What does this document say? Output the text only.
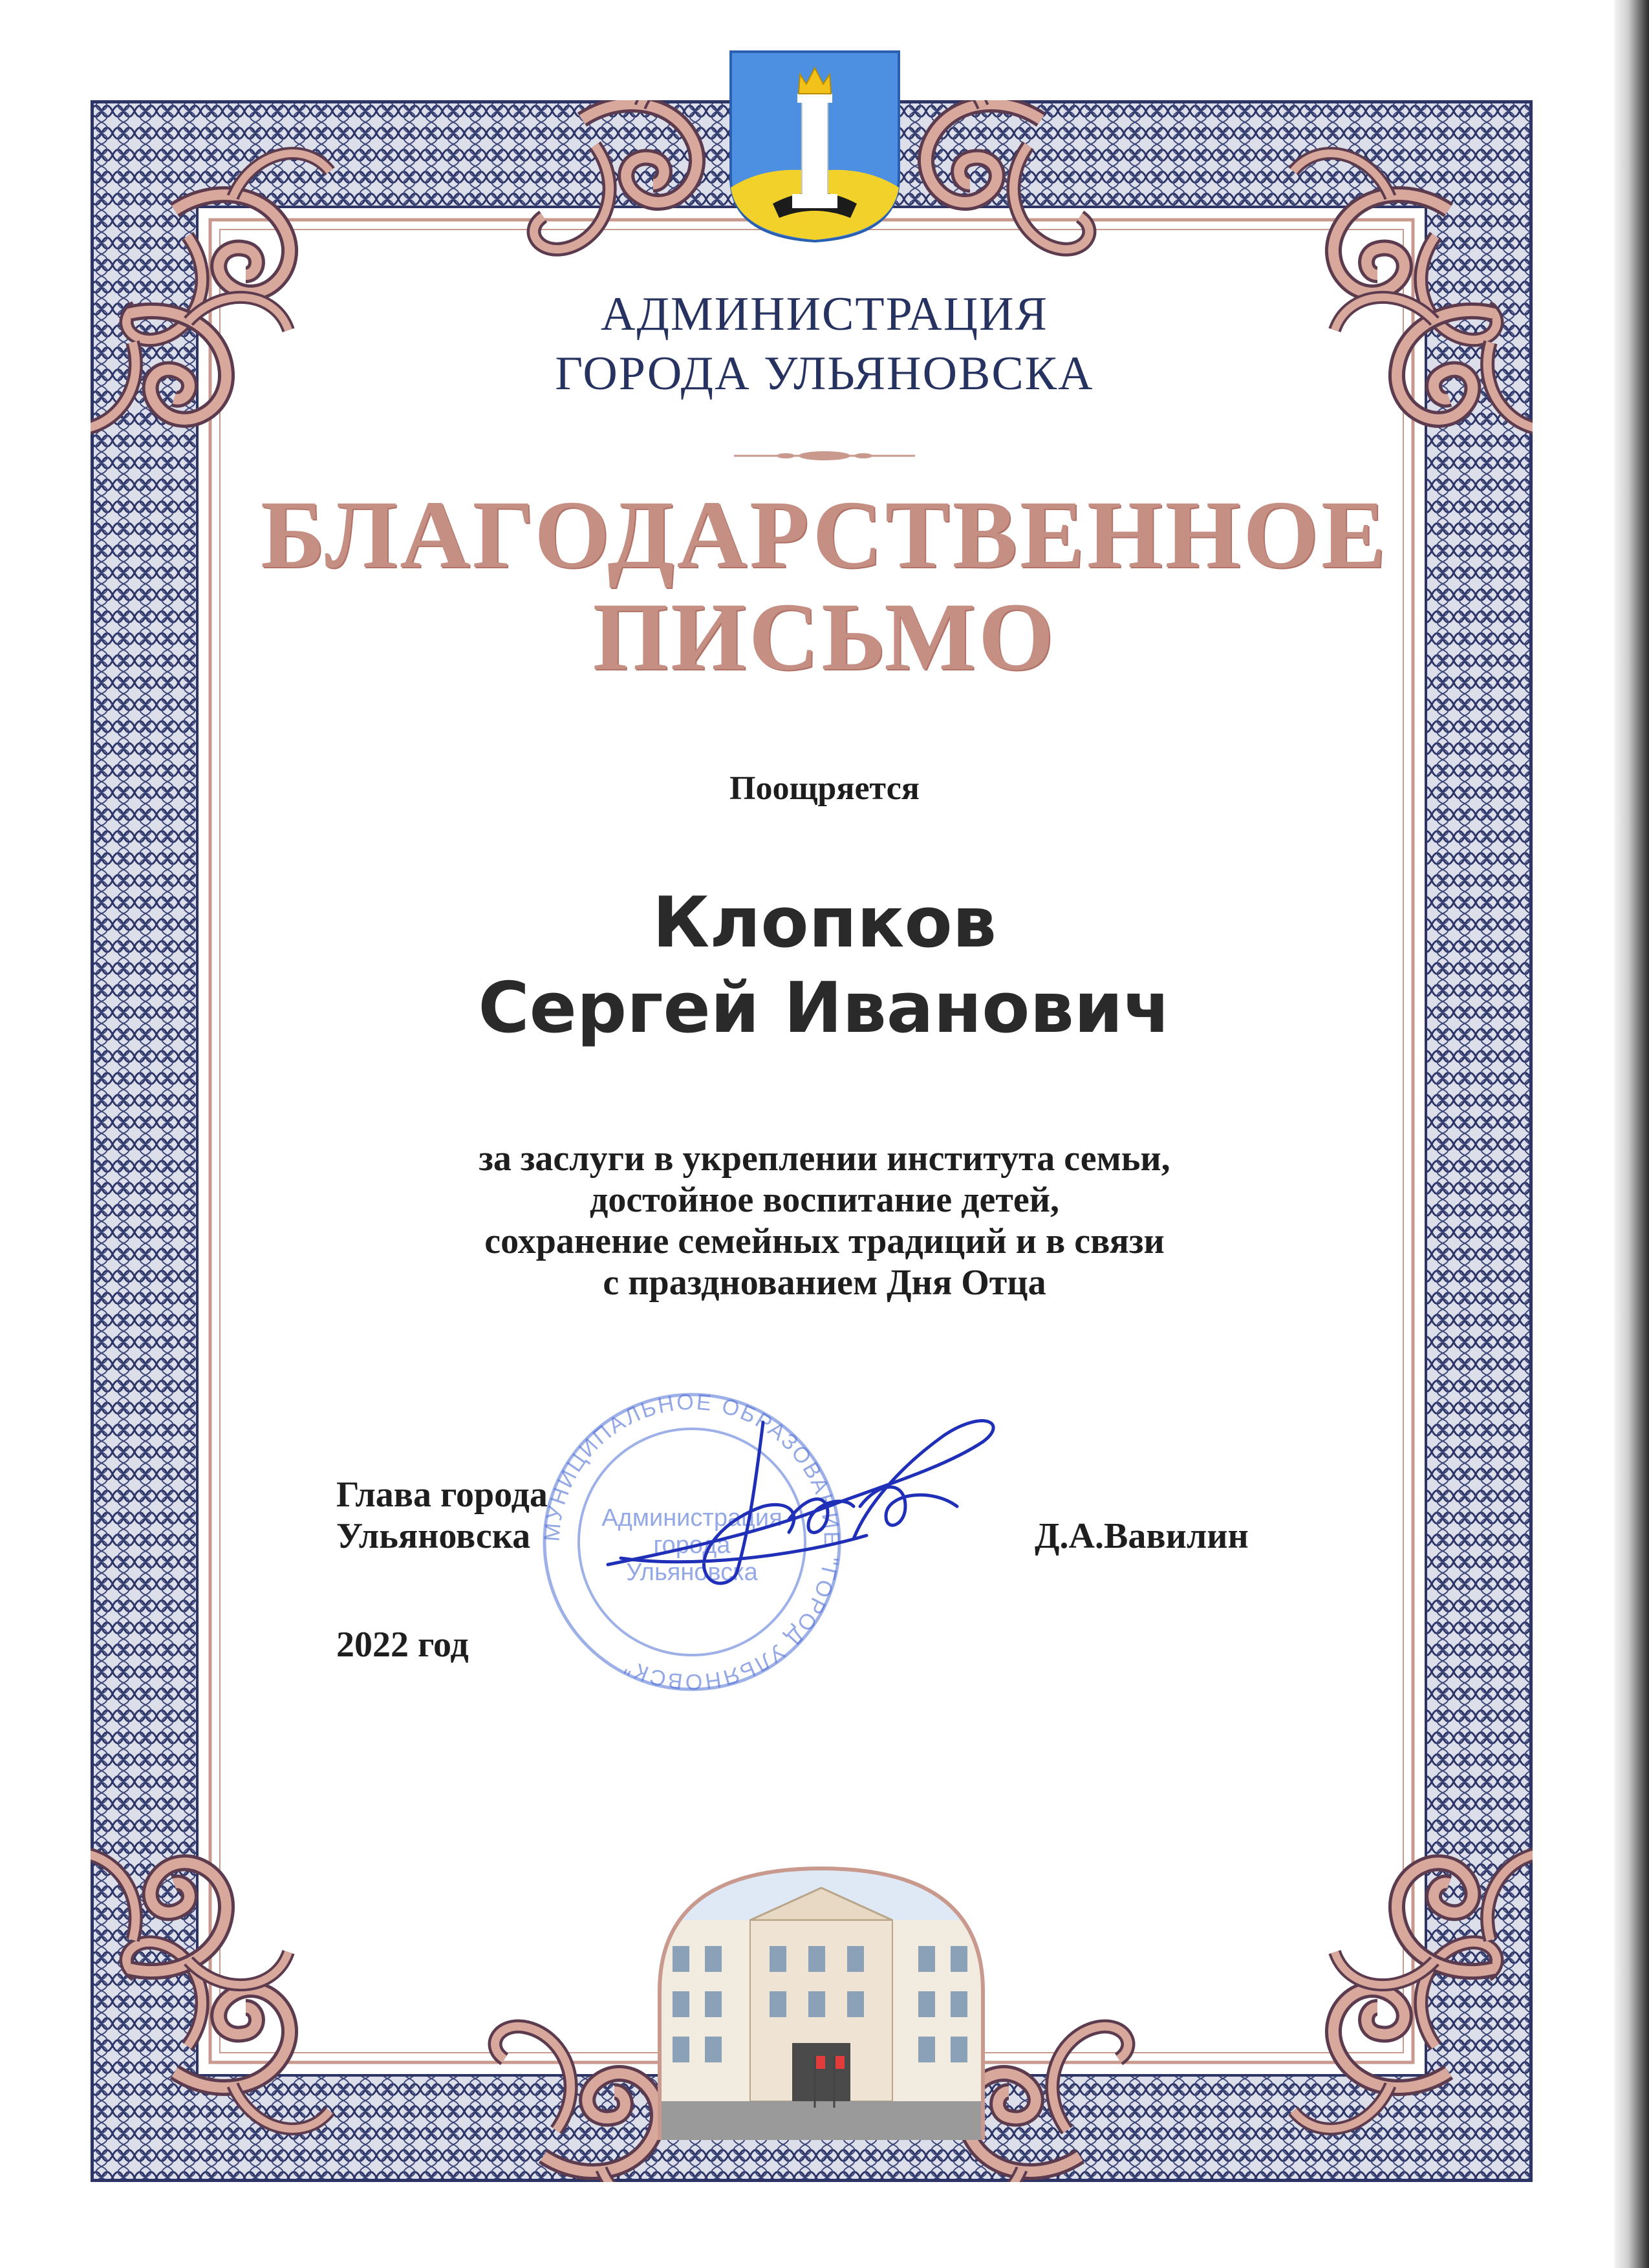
АДМИНИСТРАЦИЯ
ГОРОДА УЛЬЯНОВСКА
БЛАГОДАРСТВЕННОЕ
ПИСЬМО
Поощряется
Клопков
Сергей Иванович
за заслуги в укреплении института семьи,
достойное воспитание детей,
сохранение семейных традиций и в связи
с празднованием Дня Отца
МУНИЦИПАЛЬНОЕ ОБРАЗОВАНИЕ "ГОРОД УЛЬЯНОВСК"
Администрация
города
Ульяновска
Глава города
Ульяновска	Д.А.Вавилин
2022 год
